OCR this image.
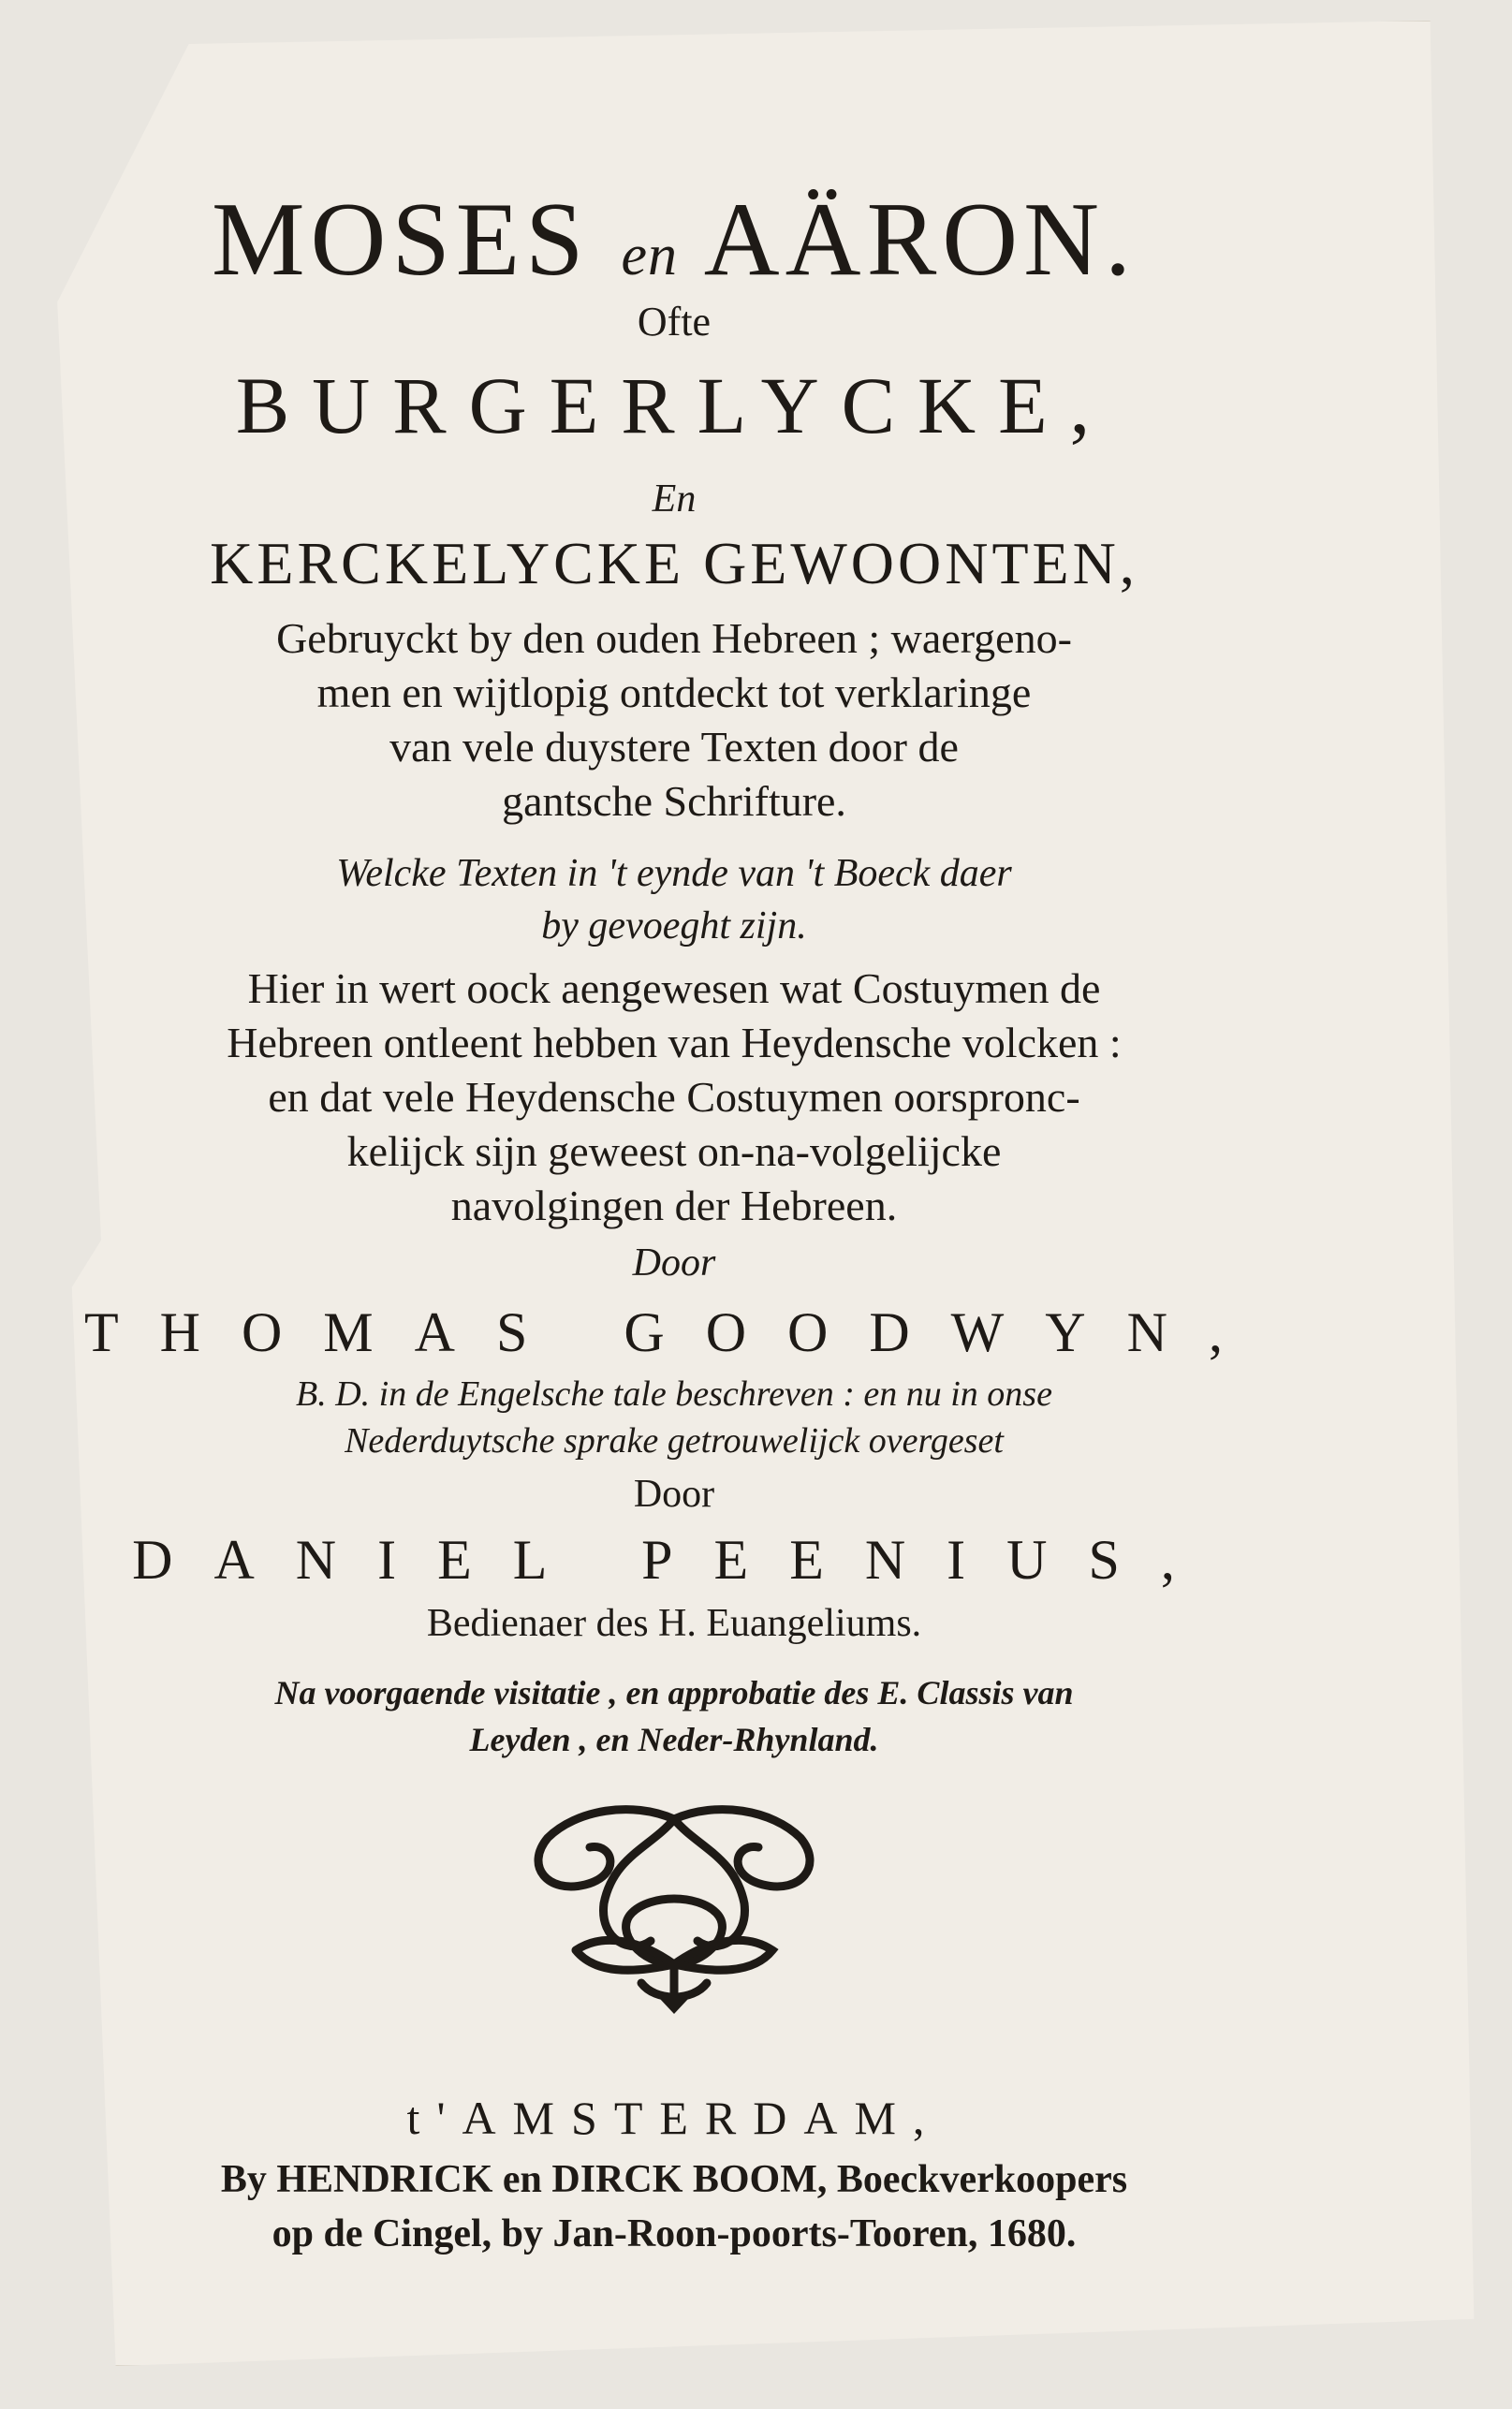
MOSES en AÄRON.
Ofte
BURGERLYCKE,
En
KERCKELYCKE GEWOONTEN,
Gebruyckt by den ouden Hebreen ; waergeno-
men en wijtlopig ontdeckt tot verklaringe
van vele duystere Texten door de
gantsche Schrifture.
Welcke Texten in 't eynde van 't Boeck daer
by gevoeght zijn.
Hier in wert oock aengewesen wat Costuymen de
Hebreen ontleent hebben van Heydensche volcken :
en dat vele Heydensche Costuymen oorspronc-
kelijck sijn geweest on-na-volgelijcke
navolgingen der Hebreen.
Door
THOMAS GOODWYN,
B. D. in de Engelsche tale beschreven : en nu in onse
Nederduytsche sprake getrouwelijck overgeset
Door
DANIEL PEENIUS,
Bedienaer des H. Euangeliums.
Na voorgaende visitatie , en approbatie des E. Classis van
Leyden , en Neder-Rhynland.
t'AMSTERDAM,
By HENDRICK en DIRCK BOOM, Boeckverkoopers
op de Cingel, by Jan-Roon-poorts-Tooren, 1680.
